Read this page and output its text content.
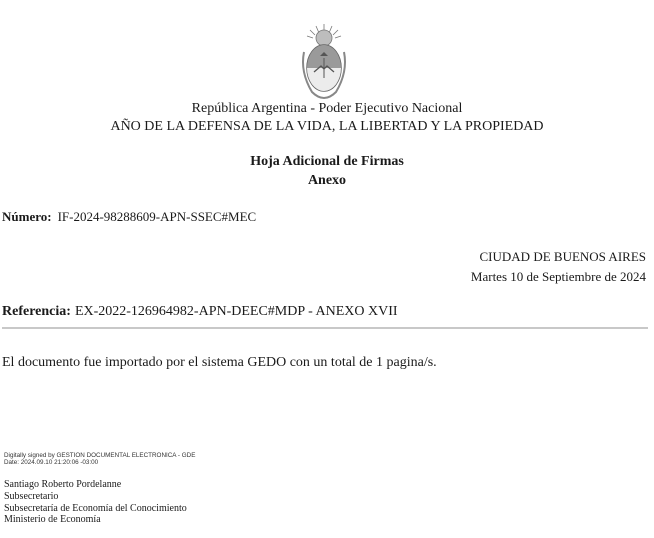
República Argentina - Poder Ejecutivo Nacional
AÑO DE LA DEFENSA DE LA VIDA, LA LIBERTAD Y LA PROPIEDAD
Hoja Adicional de Firmas
Anexo
Número: IF-2024-98288609-APN-SSEC#MEC
CIUDAD DE BUENOS AIRES
Martes 10 de Septiembre de 2024
Referencia: EX-2022-126964982-APN-DEEC#MDP - ANEXO XVII
El documento fue importado por el sistema GEDO con un total de 1 pagina/s.
Digitally signed by GESTION DOCUMENTAL ELECTRONICA - GDE
Date: 2024.09.10 21:20:06 -03:00
Santiago Roberto Pordelanne
Subsecretario
Subsecretaría de Economía del Conocimiento
Ministerio de Economía
